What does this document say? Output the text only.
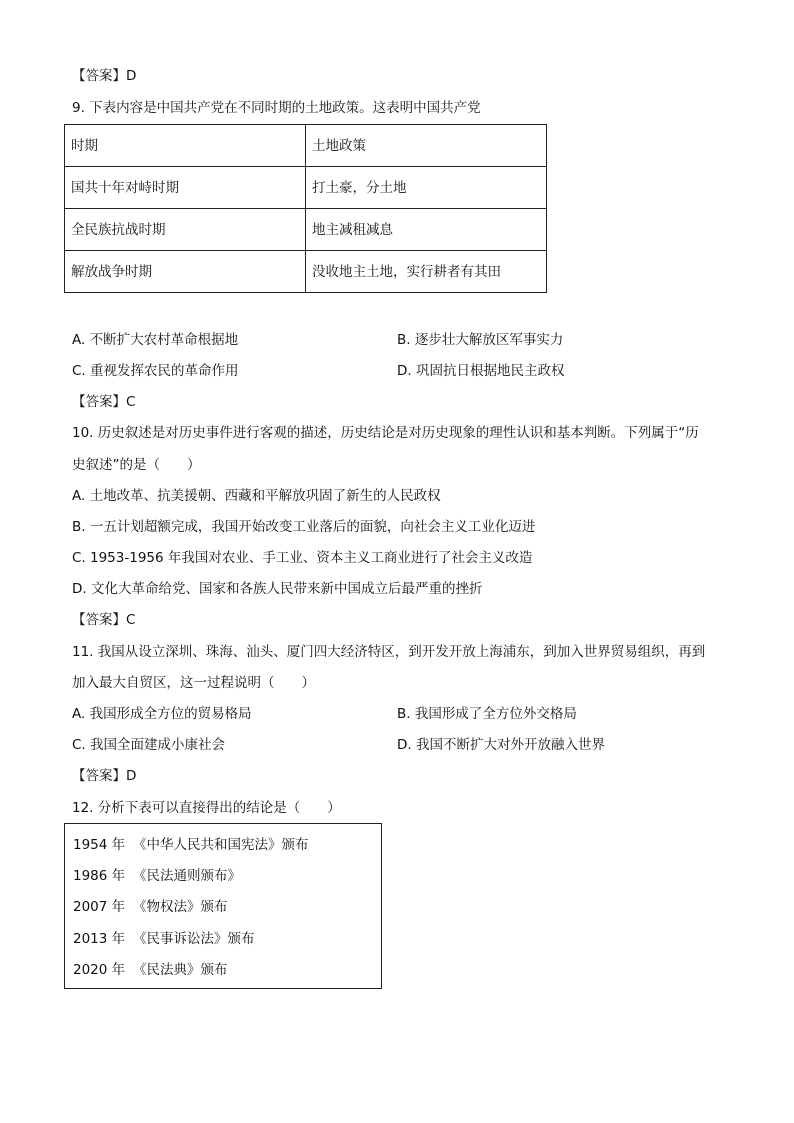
【答案】D
9. 下表内容是中国共产党在不同时期的土地政策。这表明中国共产党
时期	土地政策
国共十年对峙时期	打土豪，分土地
全民族抗战时期	地主减租减息
解放战争时期	没收地主土地，实行耕者有其田
A. 不断扩大农村革命根据地	B. 逐步壮大解放区军事实力
C. 重视发挥农民的革命作用	D. 巩固抗日根据地民主政权
【答案】C
10. 历史叙述是对历史事件进行客观的描述，历史结论是对历史现象的理性认识和基本判断。下列属于“历
史叙述”的是（　　）
A. 土地改革、抗美援朝、西藏和平解放巩固了新生的人民政权
B. 一五计划超额完成，我国开始改变工业落后的面貌，向社会主义工业化迈进
C. 1953-1956 年我国对农业、手工业、资本主义工商业进行了社会主义改造
D. 文化大革命给党、国家和各族人民带来新中国成立后最严重的挫折
【答案】C
11. 我国从设立深圳、珠海、汕头、厦门四大经济特区，到开发开放上海浦东，到加入世界贸易组织，再到
加入最大自贸区，这一过程说明（　　）
A. 我国形成全方位的贸易格局	B. 我国形成了全方位外交格局
C. 我国全面建成小康社会	D. 我国不断扩大对外开放融入世界
【答案】D
12. 分析下表可以直接得出的结论是（　　）
1954 年 《中华人民共和国宪法》颁布
1986 年 《民法通则颁布》
2007 年 《物权法》颁布
2013 年 《民事诉讼法》颁布
2020 年 《民法典》颁布
